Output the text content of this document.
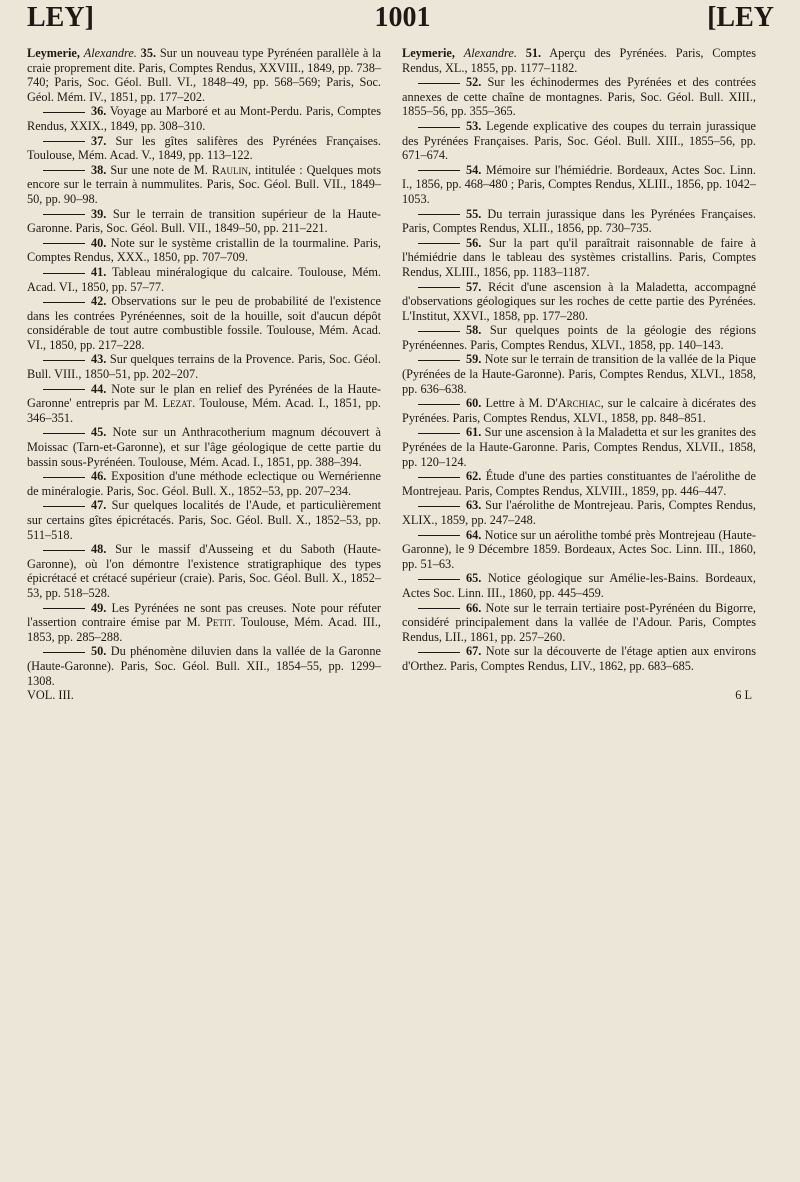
LEY]	1001	[LEY

Leymerie, Alexandre. 35. Sur un nouveau type Pyrénéen parallèle à la craie proprement dite. Paris, Comptes Rendus, XXVIII., 1849, pp. 738–740; Paris, Soc. Géol. Bull. VI., 1848–49, pp. 568–569; Paris, Soc. Géol. Mém. IV., 1851, pp. 177–202.

36. Voyage au Marboré et au Mont-Perdu. Paris, Comptes Rendus, XXIX., 1849, pp. 308–310.

37. Sur les gîtes salifères des Pyrénées Françaises. Toulouse, Mém. Acad. V., 1849, pp. 113–122.

38. Sur une note de M. Raulin, intitulée : Quelques mots encore sur le terrain à nummulites. Paris, Soc. Géol. Bull. VII., 1849–50, pp. 90–98.

39. Sur le terrain de transition supérieur de la Haute-Garonne. Paris, Soc. Géol. Bull. VII., 1849–50, pp. 211–221.

40. Note sur le système cristallin de la tourmaline. Paris, Comptes Rendus, XXX., 1850, pp. 707–709.

41. Tableau minéralogique du calcaire. Toulouse, Mém. Acad. VI., 1850, pp. 57–77.

42. Observations sur le peu de probabilité de l'existence dans les contrées Pyrénéennes, soit de la houille, soit d'aucun dépôt considérable de tout autre combustible fossile. Toulouse, Mém. Acad. VI., 1850, pp. 217–228.

43. Sur quelques terrains de la Provence. Paris, Soc. Géol. Bull. VIII., 1850–51, pp. 202–207.

44. Note sur le plan en relief des Pyrénées de la Haute-Garonne' entrepris par M. Lezat. Toulouse, Mém. Acad. I., 1851, pp. 346–351.

45. Note sur un Anthracotherium magnum découvert à Moissac (Tarn-et-Garonne), et sur l'âge géologique de cette partie du bassin sous-Pyrénéen. Toulouse, Mém. Acad. I., 1851, pp. 388–394.

46. Exposition d'une méthode eclectique ou Wernérienne de minéralogie. Paris, Soc. Géol. Bull. X., 1852–53, pp. 207–234.

47. Sur quelques localités de l'Aude, et particulièrement sur certains gîtes épicrétacés. Paris, Soc. Géol. Bull. X., 1852–53, pp. 511–518.

48. Sur le massif d'Ausseing et du Saboth (Haute-Garonne), où l'on démontre l'existence stratigraphique des types épicrétacé et crétacé supérieur (craie). Paris, Soc. Géol. Bull. X., 1852–53, pp. 518–528.

49. Les Pyrénées ne sont pas creuses. Note pour réfuter l'assertion contraire émise par M. Petit. Toulouse, Mém. Acad. III., 1853, pp. 285–288.

50. Du phénomène diluvien dans la vallée de la Garonne (Haute-Garonne). Paris, Soc. Géol. Bull. XII., 1854–55, pp. 1299–1308.

Leymerie, Alexandre. 51. Aperçu des Pyrénées. Paris, Comptes Rendus, XL., 1855, pp. 1177–1182.

52. Sur les échinodermes des Pyrénées et des contrées annexes de cette chaîne de montagnes. Paris, Soc. Géol. Bull. XIII., 1855–56, pp. 355–365.

53. Legende explicative des coupes du terrain jurassique des Pyrénées Françaises. Paris, Soc. Géol. Bull. XIII., 1855–56, pp. 671–674.

54. Mémoire sur l'hémiédrie. Bordeaux, Actes Soc. Linn. I., 1856, pp. 468–480 ; Paris, Comptes Rendus, XLIII., 1856, pp. 1042–1053.

55. Du terrain jurassique dans les Pyrénées Françaises. Paris, Comptes Rendus, XLII., 1856, pp. 730–735.

56. Sur la part qu'il paraîtrait raisonnable de faire à l'hémiédrie dans le tableau des systèmes cristallins. Paris, Comptes Rendus, XLIII., 1856, pp. 1183–1187.

57. Récit d'une ascension à la Maladetta, accompagné d'observations géologiques sur les roches de cette partie des Pyrénées. L'Institut, XXVI., 1858, pp. 177–280.

58. Sur quelques points de la géologie des régions Pyrénéennes. Paris, Comptes Rendus, XLVI., 1858, pp. 140–143.

59. Note sur le terrain de transition de la vallée de la Pique (Pyrénées de la Haute-Garonne). Paris, Comptes Rendus, XLVI., 1858, pp. 636–638.

60. Lettre à M. D'Archiac, sur le calcaire à dicérates des Pyrénées. Paris, Comptes Rendus, XLVI., 1858, pp. 848–851.

61. Sur une ascension à la Maladetta et sur les granites des Pyrénées de la Haute-Garonne. Paris, Comptes Rendus, XLVII., 1858, pp. 120–124.

62. Étude d'une des parties constituantes de l'aérolithe de Montrejeau. Paris, Comptes Rendus, XLVIII., 1859, pp. 446–447.

63. Sur l'aérolithe de Montrejeau. Paris, Comptes Rendus, XLIX., 1859, pp. 247–248.

64. Notice sur un aérolithe tombé près Montrejeau (Haute-Garonne), le 9 Décembre 1859. Bordeaux, Actes Soc. Linn. III., 1860, pp. 51–63.

65. Notice géologique sur Amélie-les-Bains. Bordeaux, Actes Soc. Linn. III., 1860, pp. 445–459.

66. Note sur le terrain tertiaire post-Pyrénéen du Bigorre, considéré principalement dans la vallée de l'Adour. Paris, Comptes Rendus, LII., 1861, pp. 257–260.

67. Note sur la découverte de l'étage aptien aux environs d'Orthez. Paris, Comptes Rendus, LIV., 1862, pp. 683–685.

VOL. III.	6 L
